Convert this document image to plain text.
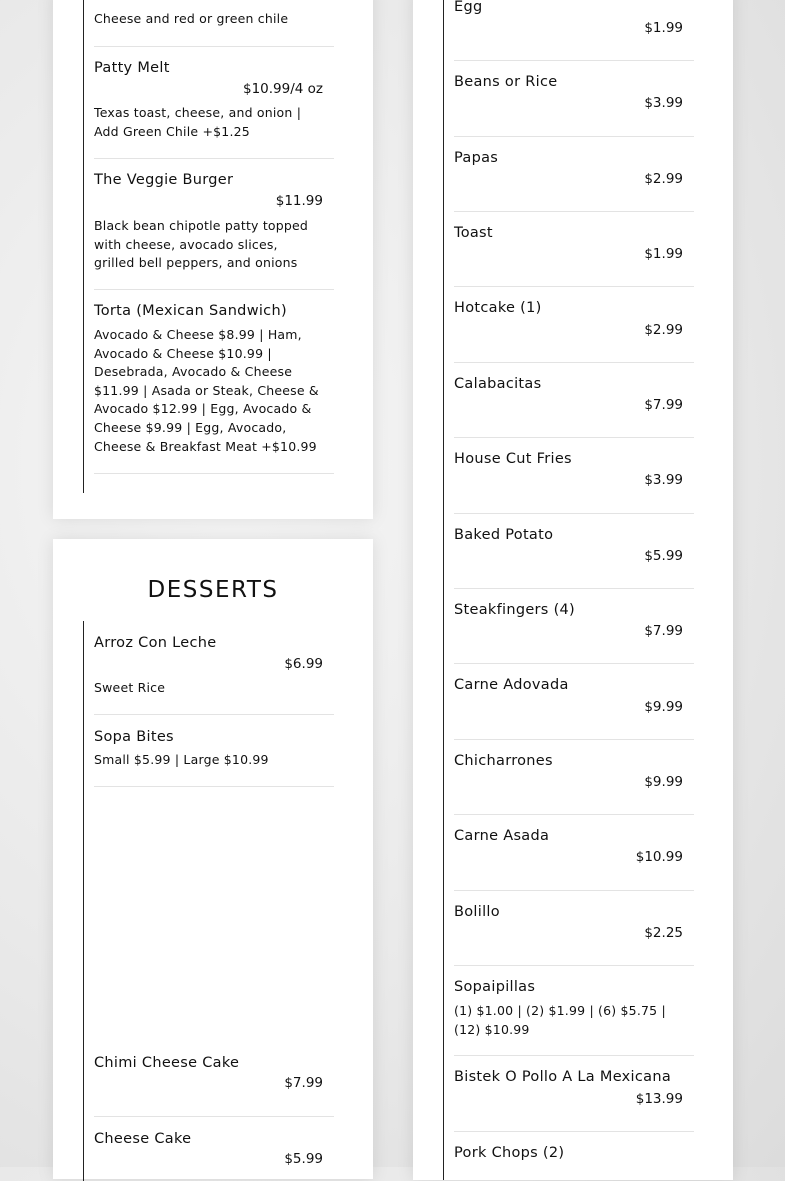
Cheese and red or green chile
Patty Melt
$10.99/4 oz
Texas toast, cheese, and onion | Add Green Chile +$1.25
The Veggie Burger
$11.99
Black bean chipotle patty topped with cheese, avocado slices, grilled bell peppers, and onions
Torta (Mexican Sandwich)
Avocado & Cheese $8.99 | Ham, Avocado & Cheese $10.99 | Desebrada, Avocado & Cheese $11.99 | Asada or Steak, Cheese & Avocado $12.99 | Egg, Avocado & Cheese $9.99 | Egg, Avocado, Cheese & Breakfast Meat +$10.99
DESSERTS
Arroz Con Leche
$6.99
Sweet Rice
Sopa Bites
Small $5.99 | Large $10.99
Chimi Cheese Cake
$7.99
Cheese Cake
$5.99
Egg
$1.99
Beans or Rice
$3.99
Papas
$2.99
Toast
$1.99
Hotcake (1)
$2.99
Calabacitas
$7.99
House Cut Fries
$3.99
Baked Potato
$5.99
Steakfingers (4)
$7.99
Carne Adovada
$9.99
Chicharrones
$9.99
Carne Asada
$10.99
Bolillo
$2.25
Sopaipillas
(1) $1.00 | (2) $1.99 | (6) $5.75 | (12) $10.99
Bistek O Pollo A La Mexicana
$13.99
Pork Chops (2)
